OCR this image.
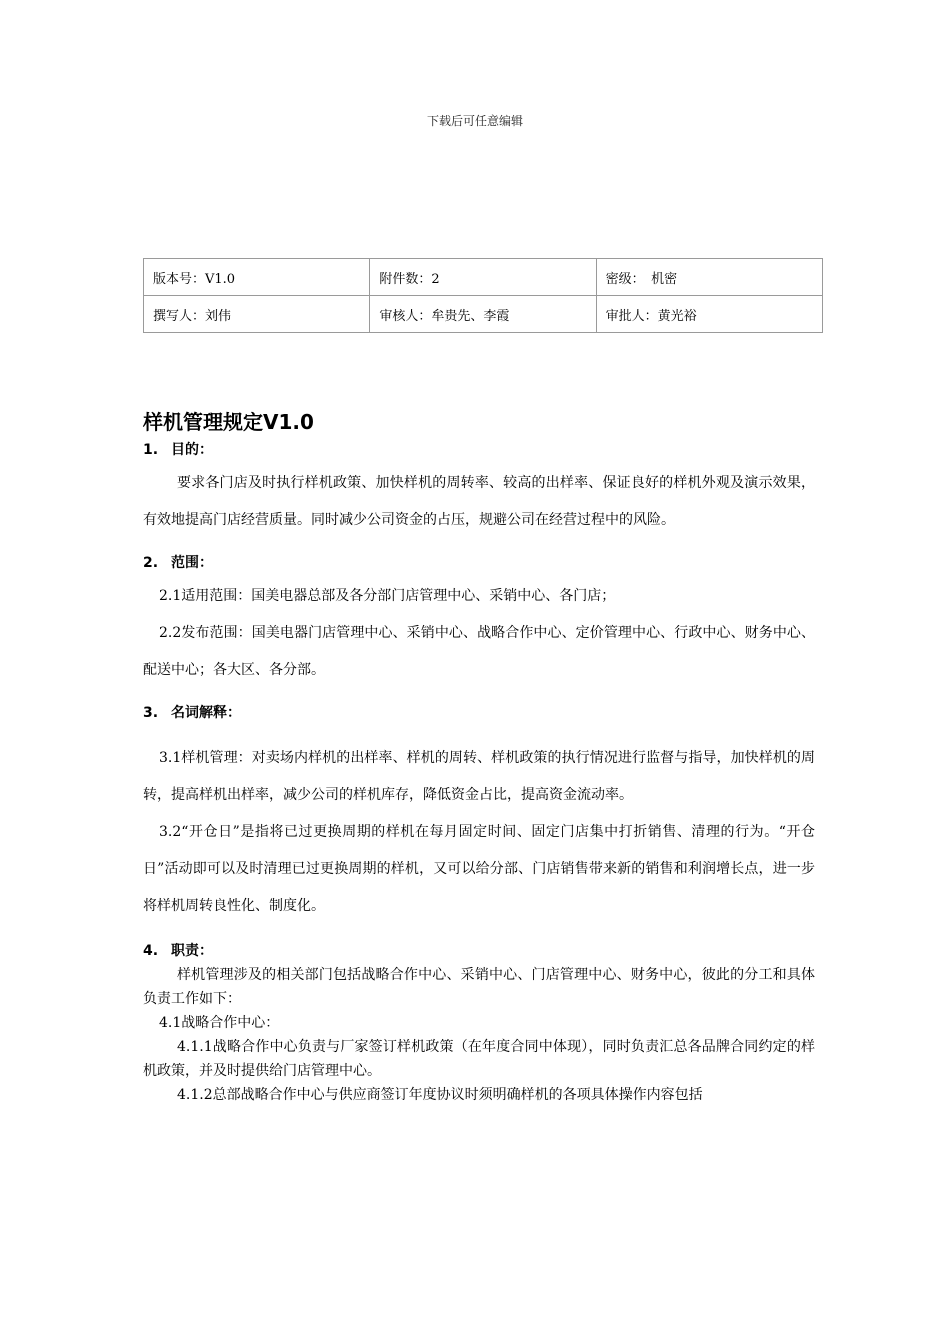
下载后可任意编辑
版本号：V1.0	附件数：2	密级：　机密
撰写人：刘伟	审核人：牟贵先、李霞	审批人：黄光裕
样机管理规定V1.0

1. 目的：

要求各门店及时执行样机政策、加快样机的周转率、较高的出样率、保证良好的样机外观及演示效果，有效地提高门店经营质量。同时减少公司资金的占压，规避公司在经营过程中的风险。

2. 范围：

2.1适用范围：国美电器总部及各分部门店管理中心、采销中心、各门店；

2.2发布范围：国美电器门店管理中心、采销中心、战略合作中心、定价管理中心、行政中心、财务中心、配送中心；各大区、各分部。

3. 名词解释：

3.1样机管理：对卖场内样机的出样率、样机的周转、样机政策的执行情况进行监督与指导，加快样机的周转，提高样机出样率，减少公司的样机库存，降低资金占比，提高资金流动率。

3.2“开仓日”是指将已过更换周期的样机在每月固定时间、固定门店集中打折销售、清理的行为。“开仓日”活动即可以及时清理已过更换周期的样机，又可以给分部、门店销售带来新的销售和利润增长点，进一步将样机周转良性化、制度化。

4. 职责：

样机管理涉及的相关部门包括战略合作中心、采销中心、门店管理中心、财务中心，彼此的分工和具体负责工作如下：

4.1战略合作中心：

4.1.1战略合作中心负责与厂家签订样机政策（在年度合同中体现），同时负责汇总各品牌合同约定的样机政策，并及时提供给门店管理中心。

4.1.2总部战略合作中心与供应商签订年度协议时须明确样机的各项具体操作内容包括
